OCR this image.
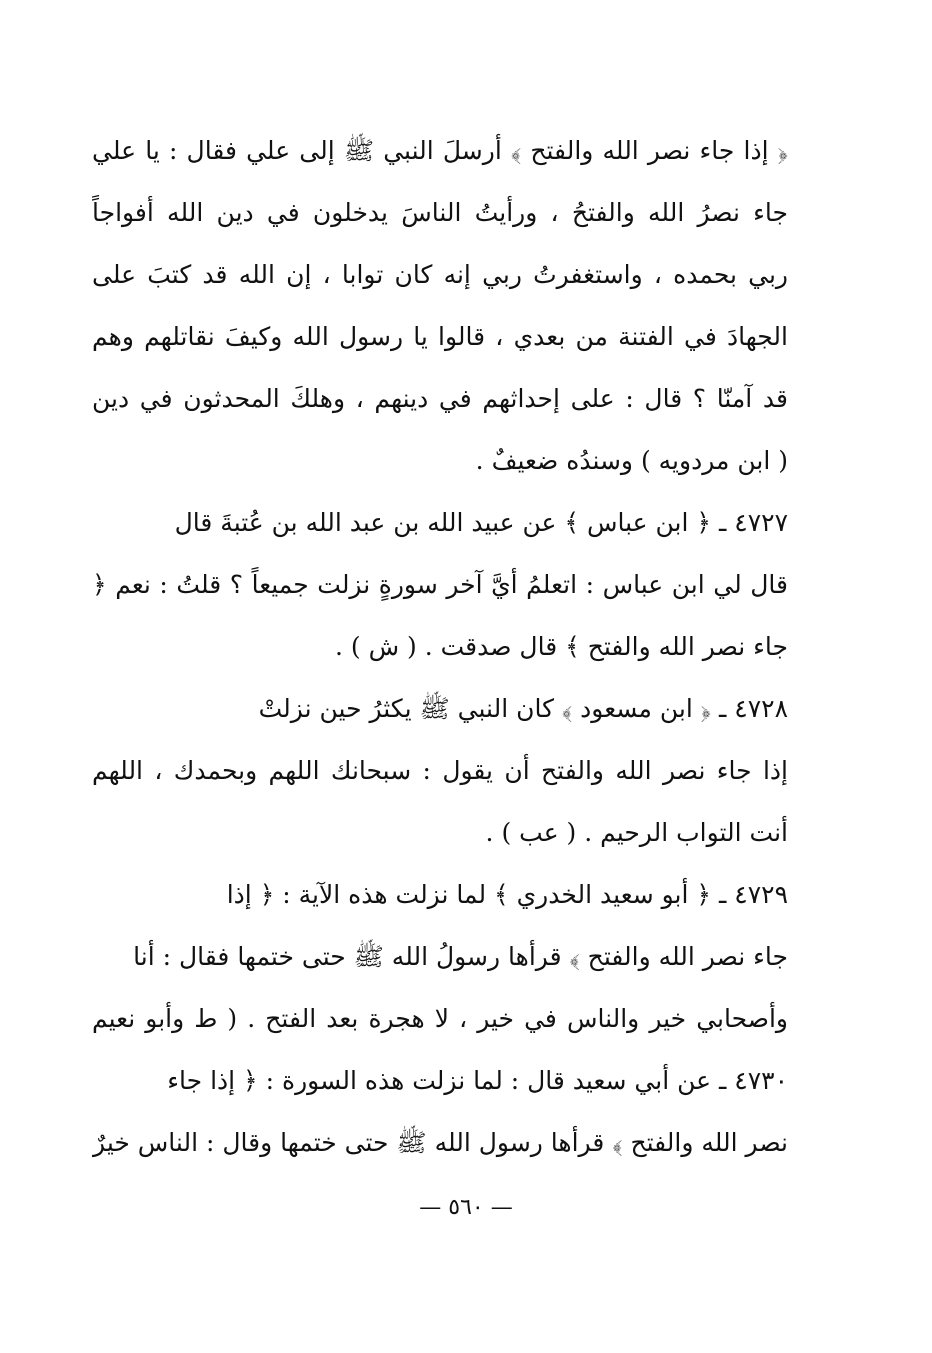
﴿ إذا جاء نصر الله والفتح ﴾ أرسلَ النبي ﷺ إلى علي فقال : يا علي
جاء نصرُ الله والفتحُ ، ورأيتُ الناسَ يدخلون في دين الله أفواجاً
ربي بحمده ، واستغفرتُ ربي إنه كان توابا ، إن الله قد كتبَ على
الجهادَ في الفتنة من بعدي ، قالوا يا رسول الله وكيفَ نقاتلهم وهم
قد آمنّا ؟ قال : على إحداثهم في دينهم ، وهلكَ المحدثون في دين
( ابن مردويه ) وسندُه ضعيفٌ .
٤٧٢٧ ـ ﴿ ابن عباس ﴾ عن عبيد الله بن عبد الله بن عُتبةَ قال
قال لي ابن عباس : اتعلمُ أيَّ آخر سورةٍ نزلت جميعاً ؟ قلتُ : نعم ﴿
جاء نصر الله والفتح ﴾ قال صدقت . ( ش ) .
٤٧٢٨ ـ ﴿ ابن مسعود ﴾ كان النبي ﷺ يكثرُ حين نزلتْ
إذا جاء نصر الله والفتح أن يقول : سبحانك اللهم وبحمدك ، اللهم
أنت التواب الرحيم . ( عب ) .
٤٧٢٩ ـ ﴿ أبو سعيد الخدري ﴾ لما نزلت هذه الآية : ﴿ إذا
جاء نصر الله والفتح ﴾ قرأها رسولُ الله ﷺ حتى ختمها فقال : أنا
وأصحابي خير والناس في خير ، لا هجرة بعد الفتح . ( ط وأبو نعيم
٤٧٣٠ ـ عن أبي سعيد قال : لما نزلت هذه السورة : ﴿ إذا جاء
نصر الله والفتح ﴾ قرأها رسول الله ﷺ حتى ختمها وقال : الناس خيرٌ
— ٥٦٠ —
